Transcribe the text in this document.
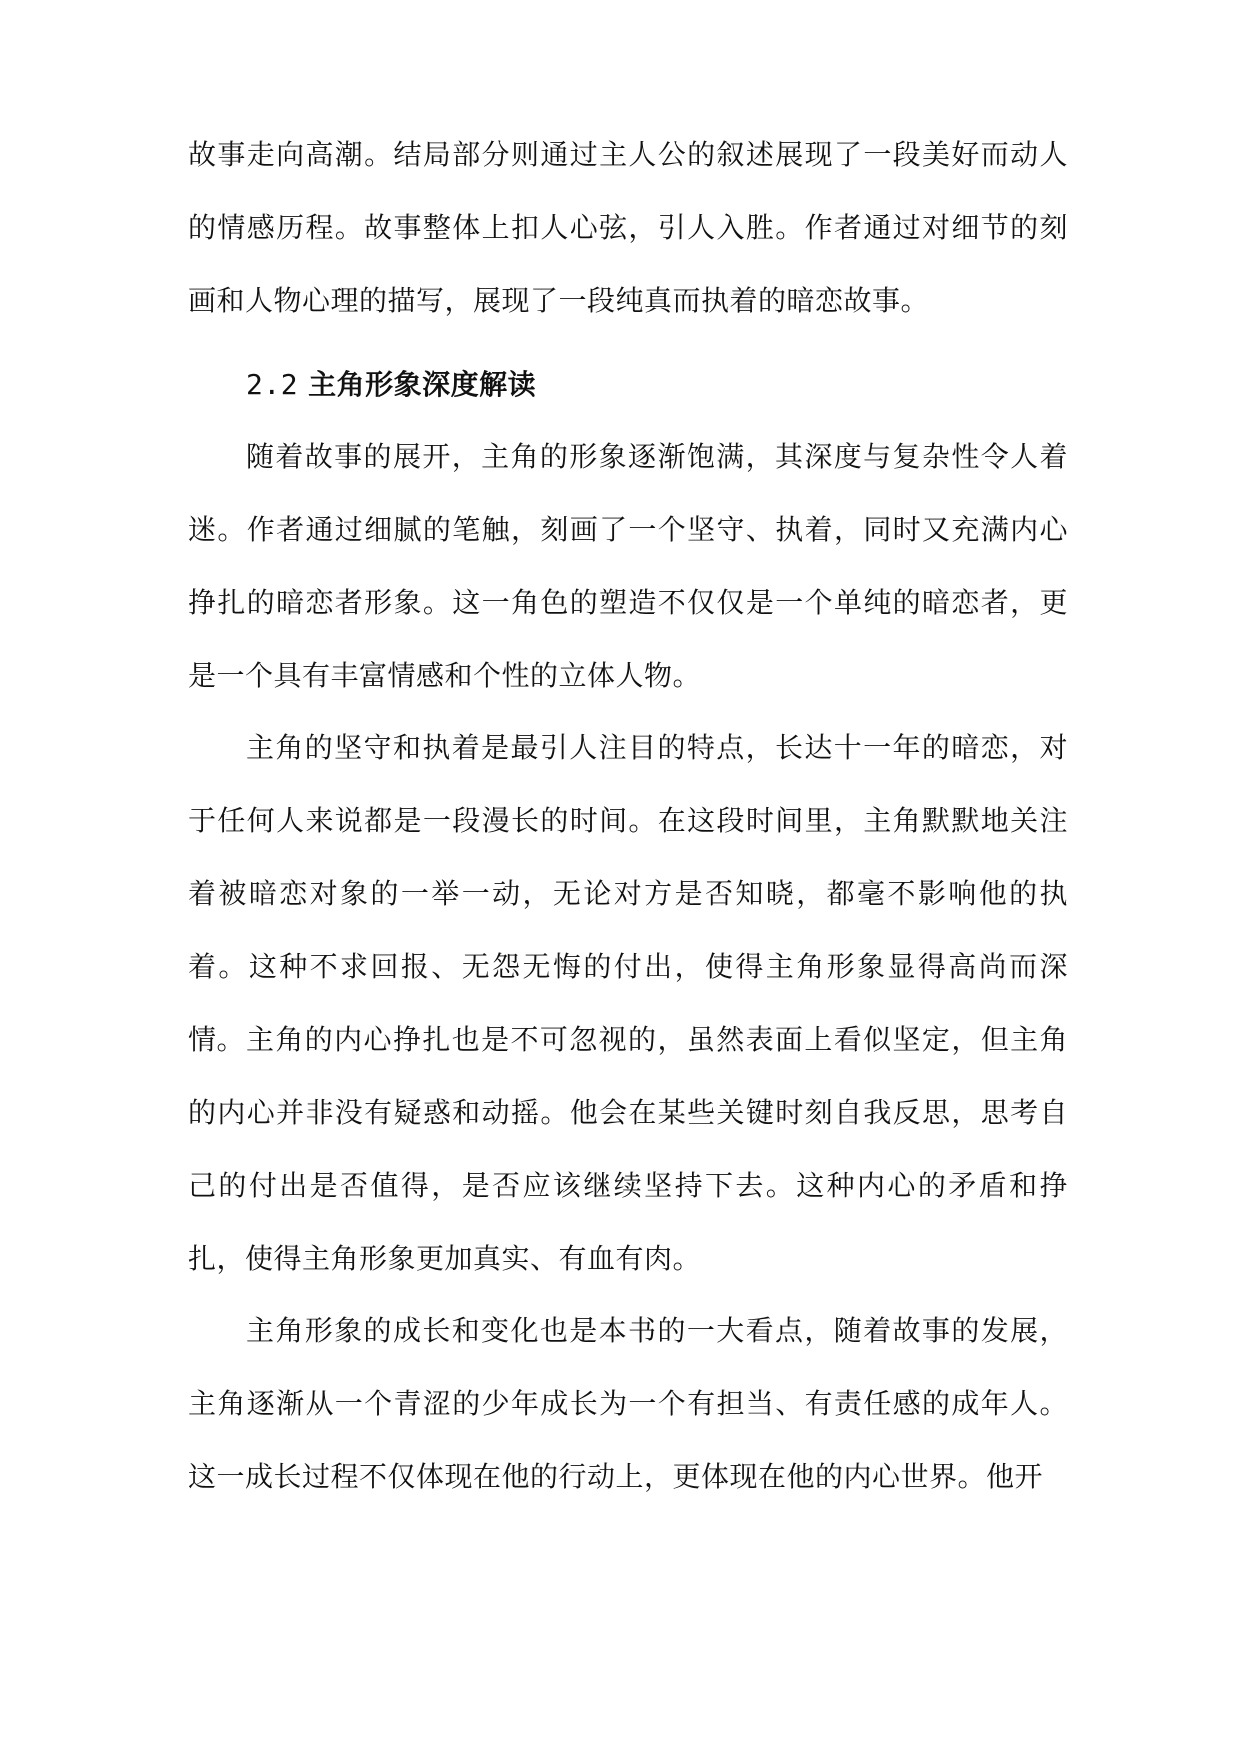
故事走向高潮。结局部分则通过主人公的叙述展现了一段美好而动人的情感历程。故事整体上扣人心弦，引人入胜。作者通过对细节的刻画和人物心理的描写，展现了一段纯真而执着的暗恋故事。

2.2 主角形象深度解读

随着故事的展开，主角的形象逐渐饱满，其深度与复杂性令人着迷。作者通过细腻的笔触，刻画了一个坚守、执着，同时又充满内心挣扎的暗恋者形象。这一角色的塑造不仅仅是一个单纯的暗恋者，更是一个具有丰富情感和个性的立体人物。

主角的坚守和执着是最引人注目的特点，长达十一年的暗恋，对于任何人来说都是一段漫长的时间。在这段时间里，主角默默地关注着被暗恋对象的一举一动，无论对方是否知晓，都毫不影响他的执着。这种不求回报、无怨无悔的付出，使得主角形象显得高尚而深情。 主角的内心挣扎也是不可忽视的，虽然表面上看似坚定，但主角的内心并非没有疑惑和动摇。他会在某些关键时刻自我反思，思考自己的付出是否值得，是否应该继续坚持下去。这种内心的矛盾和挣扎，使得主角形象更加真实、有血有肉。

主角形象的成长和变化也是本书的一大看点，随着故事的发展，主角逐渐从一个青涩的少年成长为一个有担当、有责任感的成年人。这一成长过程不仅体现在他的行动上，更体现在他的内心世界。他开
